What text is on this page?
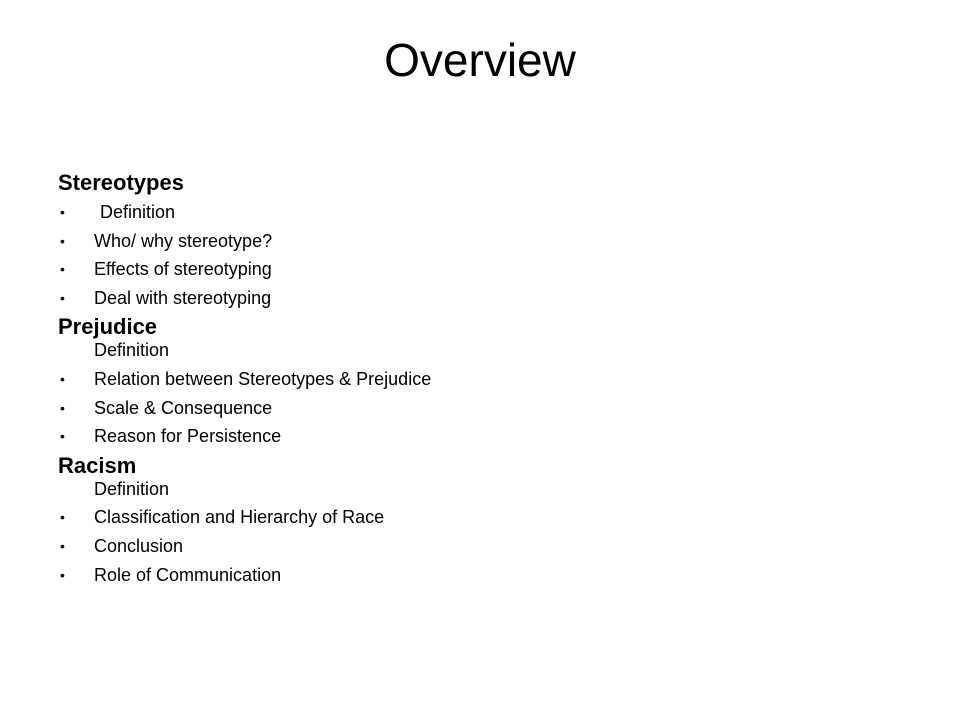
Overview
Stereotypes
• Definition
• Who/ why stereotype?
• Effects of stereotyping
• Deal with stereotyping
Prejudice
Definition
• Relation between Stereotypes & Prejudice
• Scale & Consequence
• Reason for Persistence
Racism
Definition
• Classification and Hierarchy of Race
• Conclusion
• Role of Communication
